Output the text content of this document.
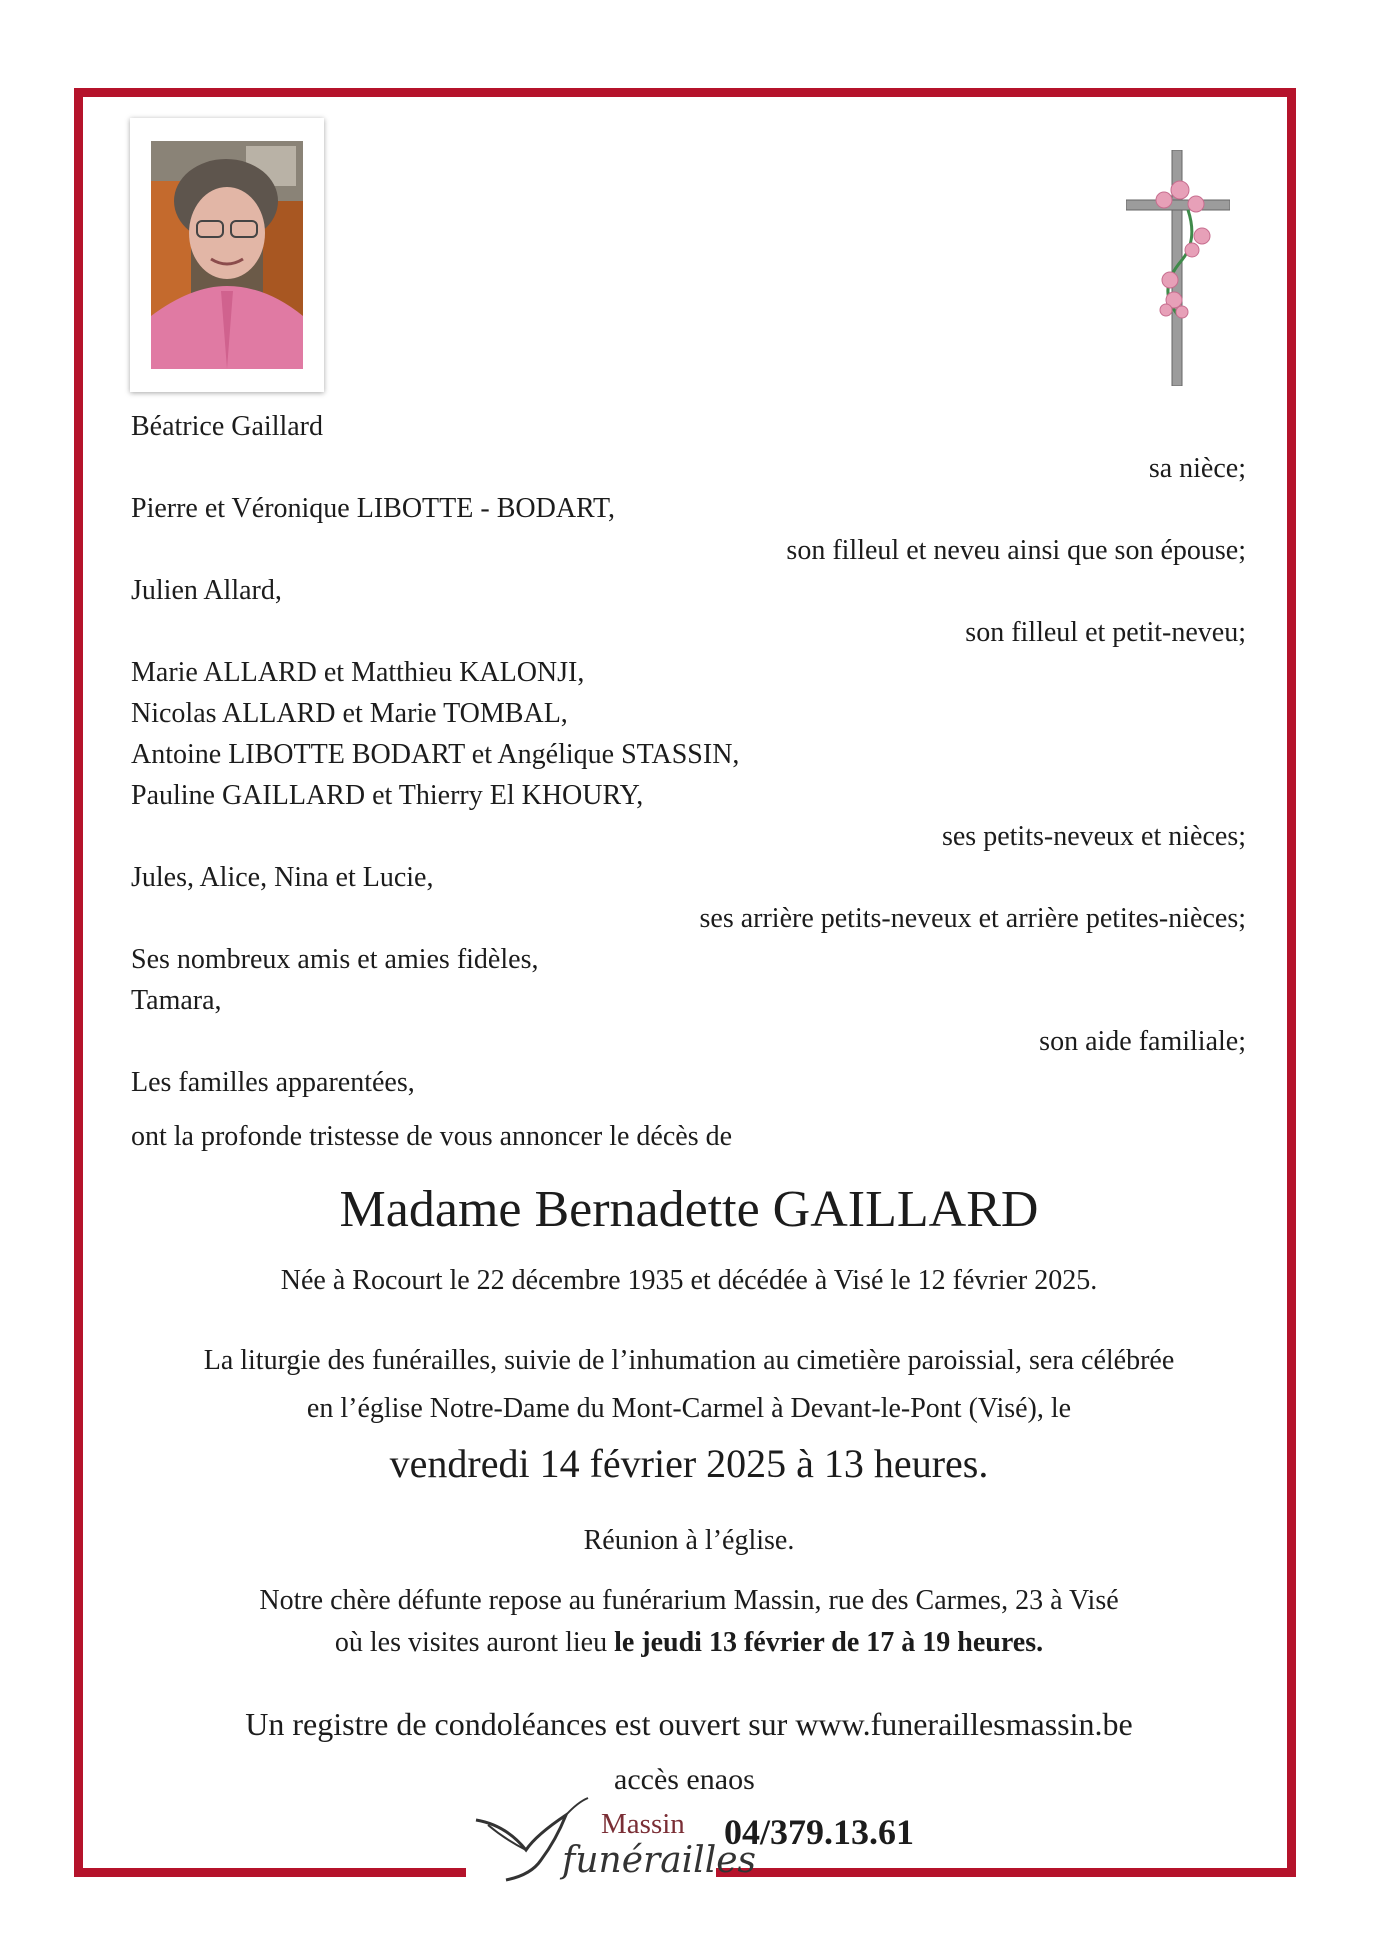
Béatrice Gaillard
sa nièce;
Pierre et Véronique LIBOTTE - BODART,
son filleul et neveu ainsi que son épouse;
Julien Allard,
son filleul et petit-neveu;
Marie ALLARD et Matthieu KALONJI,
Nicolas ALLARD et Marie TOMBAL,
Antoine LIBOTTE BODART et Angélique STASSIN,
Pauline GAILLARD et Thierry El KHOURY,
ses petits-neveux et nièces;
Jules, Alice, Nina et Lucie,
ses arrière petits-neveux et arrière petites-nièces;
Ses nombreux amis et amies fidèles,
Tamara,
son aide familiale;
Les familles apparentées,
ont la profonde tristesse de vous annoncer le décès de
Madame Bernadette GAILLARD
Née à Rocourt le 22 décembre 1935 et décédée à Visé le 12 février 2025.
La liturgie des funérailles, suivie de l’inhumation au cimetière paroissial, sera célébrée
en l’église Notre-Dame du Mont-Carmel à Devant-le-Pont (Visé), le
vendredi 14 février 2025 à 13 heures.
Réunion à l’église.
Notre chère défunte repose au funérarium Massin, rue des Carmes, 23 à Visé
où les visites auront lieu le jeudi 13 février de 17 à 19 heures.
Un registre de condoléances est ouvert sur www.funeraillesmassin.be
Massin
funérailles
accès enaos
04/379.13.61
